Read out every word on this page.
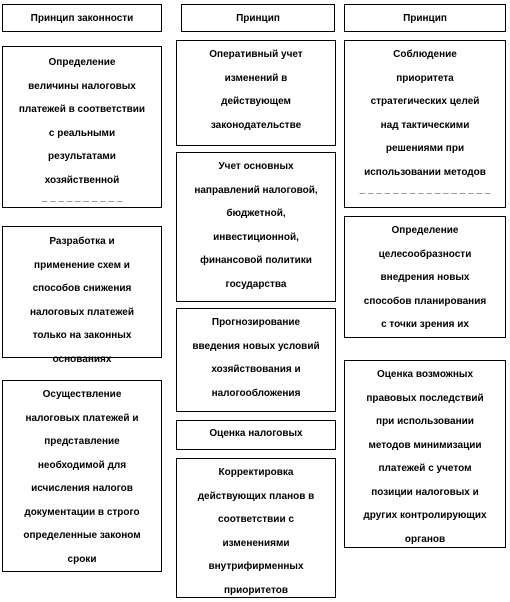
Принцип законности
Определение
величины налоговых
платежей в соответствии
с реальными
результатами
хозяйственной
_ _ _ _ _ _ _ _ _ _
Разработка и
применение схем и
способов снижения
налоговых платежей
только на законных
основаниях
Осуществление
налоговых платежей и
представление
необходимой для
исчисления налогов
документации в строго
определенные законом
сроки
Принцип
Оперативный учет
изменений в
действующем
законодательстве
Учет основных
направлений налоговой,
бюджетной,
инвестиционной,
финансовой политики
государства
Прогнозирование
введения новых условий
хозяйствования и
налогообложения
Оценка налоговых
Корректировка
действующих планов в
соответствии с
изменениями
внутрифирменных
приоритетов
Принцип
Соблюдение
приоритета
стратегических целей
над тактическими
решениями при
использовании методов
_ _ _ _ _ _ _ _ _ _ _ _ _ _ _ _
Определение
целесообразности
внедрения новых
способов планирования
с точки зрения их
Оценка возможных
правовых последствий
при использовании
методов минимизации
платежей с учетом
позиции налоговых и
других контролирующих
органов
